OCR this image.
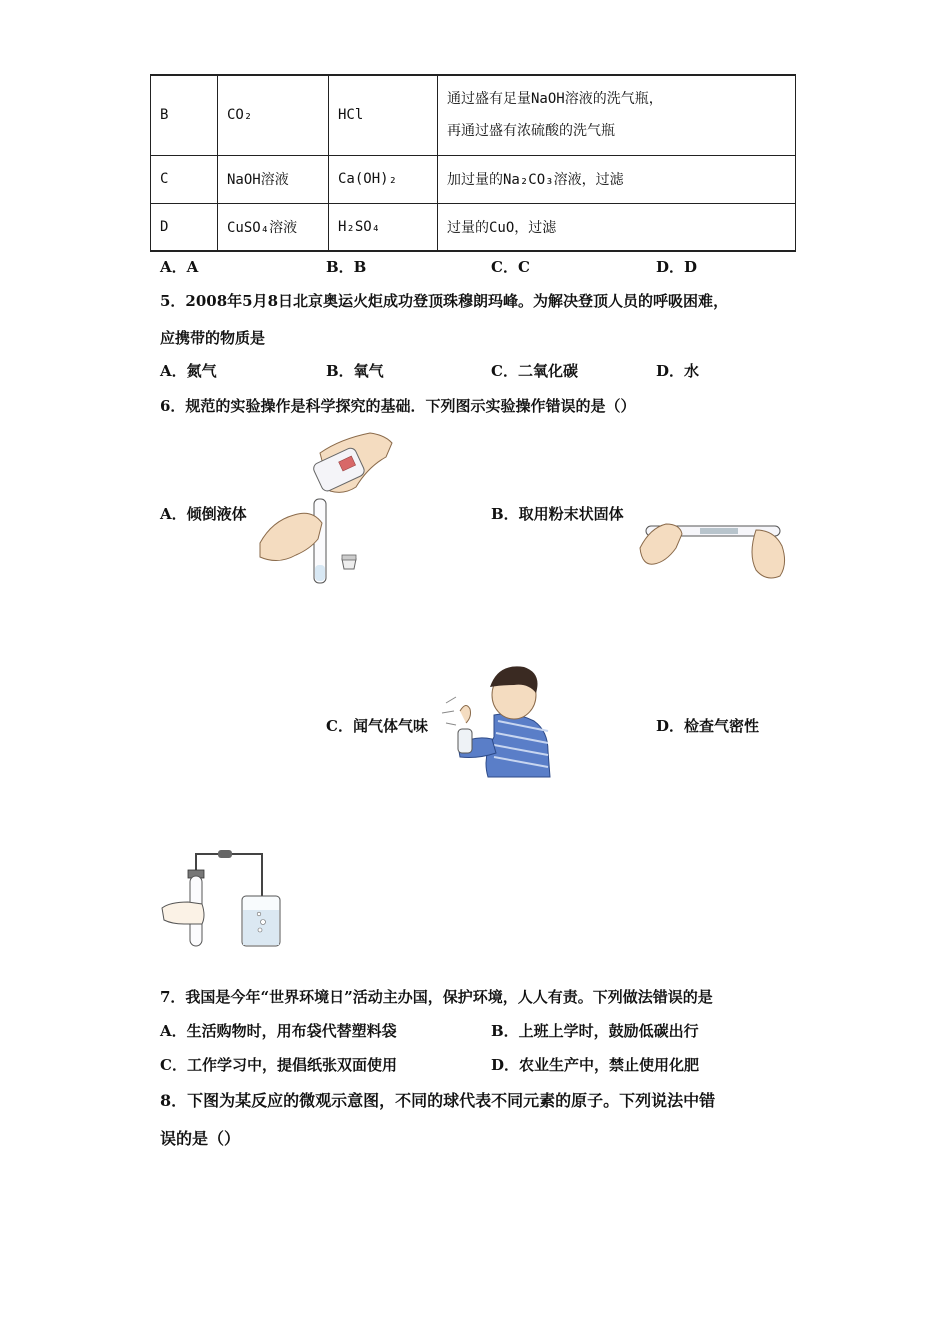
B	CO₂	HCl	通过盛有足量NaOH溶液的洗气瓶，
再通过盛有浓硫酸的洗气瓶

C	NaOH溶液	Ca(OH)₂	加过量的Na₂CO₃溶液，过滤
D	CuSO₄溶液	H₂SO₄	过量的CuO，过滤
A．A	B．B	C．C	D．D
5．2008年5月8日北京奥运火炬成功登顶珠穆朗玛峰。为解决登顶人员的呼吸困难，
应携带的物质是
A．氮气	B．氧气	C．二氧化碳	D．水
6．规范的实验操作是科学探究的基础．下列图示实验操作错误的是（）
A．倾倒液体	B．取用粉末状固体
C．闻气体气味	D．检查气密性
7．我国是今年“世界环境日”活动主办国，保护环境，人人有责。下列做法错误的是
A．生活购物时，用布袋代替塑料袋	B．上班上学时，鼓励低碳出行
C．工作学习中，提倡纸张双面使用	D．农业生产中，禁止使用化肥
8．下图为某反应的微观示意图，不同的球代表不同元素的原子。下列说法中错
误的是（）
